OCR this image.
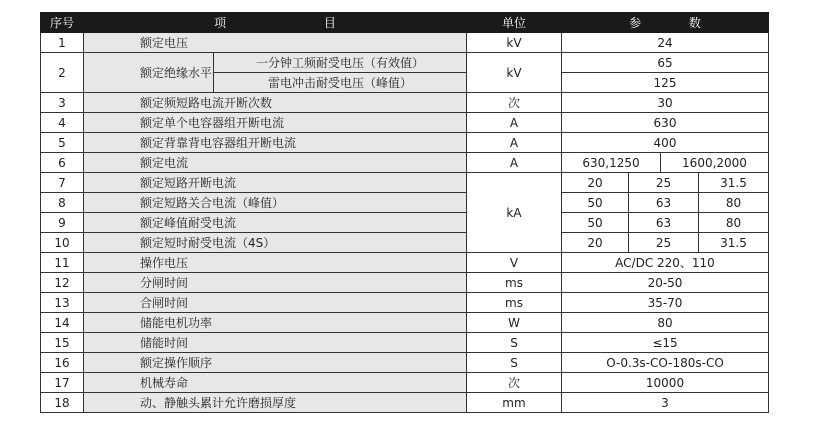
序号	项 目		单位	参 数			
1	额定电压		kV	24			
2	额定绝缘水平	一分钟工频耐受电压（有效值）	kV	65			
		雷电冲击耐受电压（峰值）		125			
3	额定频短路电流开断次数		次	30			
4	额定单个电容器组开断电流		A	630			
5	额定背靠背电容器组开断电流		A	400			
6	额定电流		A	630,1250		1600,2000	
7	额定短路开断电流		kA	20	25		31.5
8	额定短路关合电流（峰值）			50	63		80
9	额定峰值耐受电流			50	63		80
10	额定短时耐受电流（4S）			20	25		31.5
11	操作电压		V	AC/DC 220、110			
12	分闸时间		ms	20-50			
13	合闸时间		ms	35-70			
14	储能电机功率		W	80			
15	储能时间		S	≤15			
16	额定操作顺序		S	O-0.3s-CO-180s-CO			
17	机械寿命		次	10000			
18	动、静触头累计允许磨损厚度		mm	3			
